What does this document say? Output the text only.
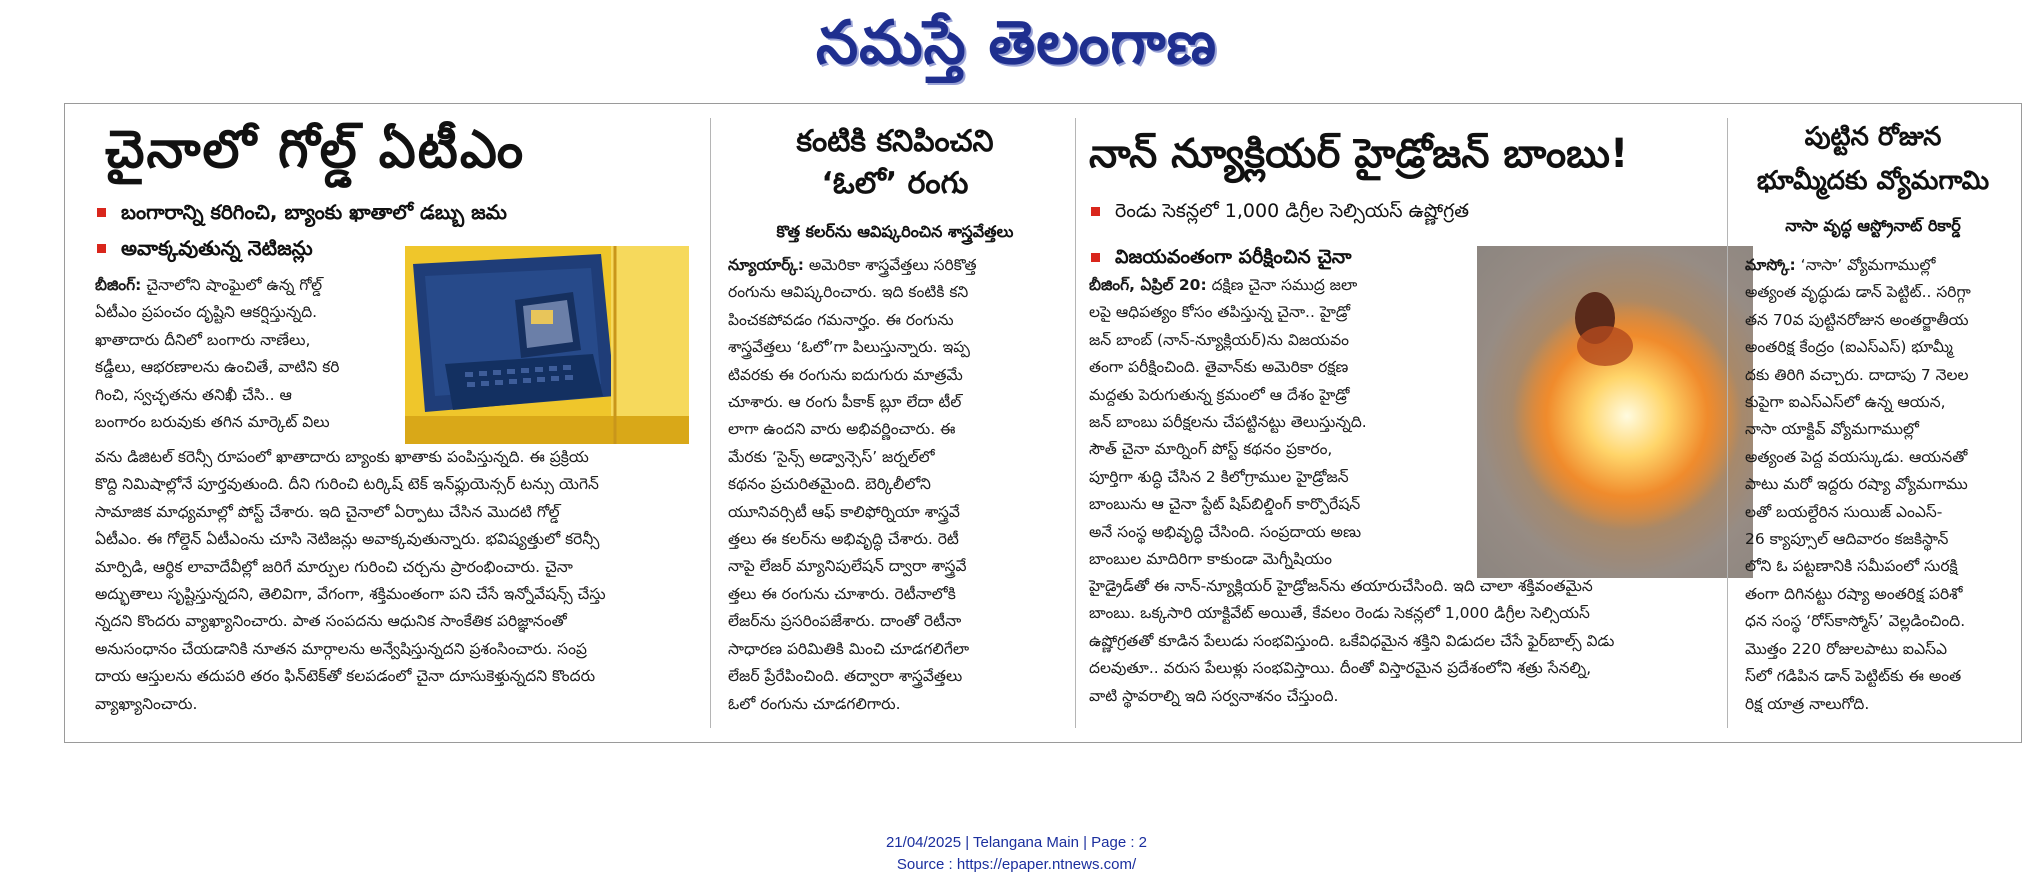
నమస్తే తెలంగాణ
చైనాలో గోల్డ్ ఏటీఎం
బంగారాన్ని కరిగించి, బ్యాంకు ఖాతాలో డబ్బు జమ
అవాక్కవుతున్న నెటిజన్లు
బీజింగ్: చైనాలోని షాంఘైలో ఉన్న గోల్డ్
ఏటీఎం ప్రపంచం దృష్టిని ఆకర్షిస్తున్నది.
ఖాతాదారు దీనిలో బంగారు నాణేలు,
కడ్డీలు, ఆభరణాలను ఉంచితే, వాటిని కరి
గించి, స్వచ్ఛతను తనిఖీ చేసి.. ఆ
బంగారం బరువుకు తగిన మార్కెట్ విలు
వను డిజిటల్ కరెన్సీ రూపంలో ఖాతాదారు బ్యాంకు ఖాతాకు పంపిస్తున్నది. ఈ ప్రక్రియ
కొద్ది నిమిషాల్లోనే పూర్తవుతుంది. దీని గురించి టర్కిష్ టెక్ ఇన్‌ఫ్లుయెన్సర్ టన్సు యెగెన్
సామాజిక మాధ్యమాల్లో పోస్ట్ చేశారు. ఇది చైనాలో ఏర్పాటు చేసిన మొదటి గోల్డ్
ఏటీఎం. ఈ గోల్డెన్ ఏటీఎంను చూసి నెటిజన్లు అవాక్కవుతున్నారు. భవిష్యత్తులో కరెన్సీ
మార్పిడి, ఆర్థిక లావాదేవీల్లో జరిగే మార్పుల గురించి చర్చను ప్రారంభించారు. చైనా
అద్భుతాలు సృష్టిస్తున్నదని, తెలివిగా, వేగంగా, శక్తిమంతంగా పని చేసే ఇన్నోవేషన్స్ చేస్తు
న్నదని కొందరు వ్యాఖ్యానించారు. పాత సంపదను ఆధునిక సాంకేతిక పరిజ్ఞానంతో
అనుసంధానం చేయడానికి నూతన మార్గాలను అన్వేషిస్తున్నదని ప్రశంసించారు. సంప్ర
దాయ ఆస్తులను తదుపరి తరం ఫిన్‌టెక్‌తో కలపడంలో చైనా దూసుకెళ్తున్నదని కొందరు
వ్యాఖ్యానించారు.
కంటికి కనిపించని
‘ఓలో’ రంగు
కొత్త కలర్‌ను ఆవిష్కరించిన శాస్త్రవేత్తలు
న్యూయార్క్: అమెరికా శాస్త్రవేత్తలు సరికొత్త
రంగును ఆవిష్కరించారు. ఇది కంటికి కని
పించకపోవడం గమనార్హం. ఈ రంగును
శాస్త్రవేత్తలు ‘ఓలో’గా పిలుస్తున్నారు. ఇప్ప
టివరకు ఈ రంగును ఐదుగురు మాత్రమే
చూశారు. ఆ రంగు పీకాక్ బ్లూ లేదా టీల్
లాగా ఉందని వారు అభివర్ణించారు. ఈ
మేరకు ‘సైన్స్ అడ్వాన్సెస్’ జర్నల్‌లో
కథనం ప్రచురితమైంది. బెర్కిలీలోని
యూనివర్సిటీ ఆఫ్ కాలిఫోర్నియా శాస్త్రవే
త్తలు ఈ కలర్‌ను అభివృద్ధి చేశారు. రెటీ
నాపై లేజర్ మ్యానిపులేషన్ ద్వారా శాస్త్రవే
త్తలు ఈ రంగును చూశారు. రెటీనాలోకి
లేజర్‌ను ప్రసరింపజేశారు. దాంతో రెటీనా
సాధారణ పరిమితికి మించి చూడగలిగేలా
లేజర్ ప్రేరేపించింది. తద్వారా శాస్త్రవేత్తలు
ఓలో రంగును చూడగలిగారు.
నాన్ న్యూక్లియర్ హైడ్రోజన్ బాంబు!
రెండు సెకన్లలో 1,000 డిగ్రీల సెల్సియస్ ఉష్ణోగ్రత
విజయవంతంగా పరీక్షించిన చైనా
బీజింగ్, ఏప్రిల్ 20: దక్షిణ చైనా సముద్ర జలా
లపై ఆధిపత్యం కోసం తపిస్తున్న చైనా.. హైడ్రో
జన్ బాంబ్ (నాన్-న్యూక్లియర్)ను విజయవం
తంగా పరీక్షించింది. తైవాన్‌కు అమెరికా రక్షణ
మద్దతు పెరుగుతున్న క్రమంలో ఆ దేశం హైడ్రో
జన్ బాంబు పరీక్షలను చేపట్టినట్టు తెలుస్తున్నది.
సౌత్ చైనా మార్నింగ్ పోస్ట్ కథనం ప్రకారం,
పూర్తిగా శుద్ధి చేసిన 2 కిలోగ్రాముల హైడ్రోజన్
బాంబును ఆ చైనా స్టేట్ షిప్‌బిల్డింగ్ కార్పొరేషన్
అనే సంస్థ అభివృద్ధి చేసింది. సంప్రదాయ అణు
బాంబుల మాదిరిగా కాకుండా మెగ్నీషియం
హైడ్రైడ్‌తో ఈ నాన్-న్యూక్లియర్ హైడ్రోజన్‌ను తయారుచేసింది. ఇది చాలా శక్తివంతమైన
బాంబు. ఒక్కసారి యాక్టివేట్ అయితే, కేవలం రెండు సెకన్లలో 1,000 డిగ్రీల సెల్సియస్
ఉష్ణోగ్రతతో కూడిన పేలుడు సంభవిస్తుంది. ఒకేవిధమైన శక్తిని విడుదల చేసే ఫైర్‌బాల్స్ విడు
దలవుతూ.. వరుస పేలుళ్లు సంభవిస్తాయి. దీంతో విస్తారమైన ప్రదేశంలోని శత్రు సేనల్ని,
వాటి స్థావరాల్ని ఇది సర్వనాశనం చేస్తుంది.
పుట్టిన రోజున
భూమ్మీదకు వ్యోమగామి
నాసా వృద్ధ ఆస్ట్రోనాట్ రికార్డ్
మాస్కో: ‘నాసా’ వ్యోమగాముల్లో
అత్యంత వృద్ధుడు డాన్ పెట్టిట్.. సరిగ్గా
తన 70వ పుట్టినరోజున అంతర్జాతీయ
అంతరిక్ష కేంద్రం (ఐఎస్ఎస్) భూమ్మీ
దకు తిరిగి వచ్చారు. దాదాపు 7 నెలల
కుపైగా ఐఎస్ఎస్‌లో ఉన్న ఆయన,
నాసా యాక్టివ్ వ్యోమగాముల్లో
అత్యంత పెద్ద వయస్కుడు. ఆయనతో
పాటు మరో ఇద్దరు రష్యా వ్యోమగాము
లతో బయల్దేరిన సుయిజ్ ఎంఎస్-
26 క్యాప్సూల్ ఆదివారం కజకిస్థాన్
లోని ఓ పట్టణానికి సమీపంలో సురక్షి
తంగా దిగినట్టు రష్యా అంతరిక్ష పరిశో
ధన సంస్థ ‘రోస్‌కాస్మోస్’ వెల్లడించింది.
మొత్తం 220 రోజులపాటు ఐఎస్ఎ
స్‌లో గడిపిన డాన్ పెట్టిట్‌కు ఈ అంత
రిక్ష యాత్ర నాలుగోది.
21/04/2025 | Telangana Main | Page : 2
Source : https://epaper.ntnews.com/
